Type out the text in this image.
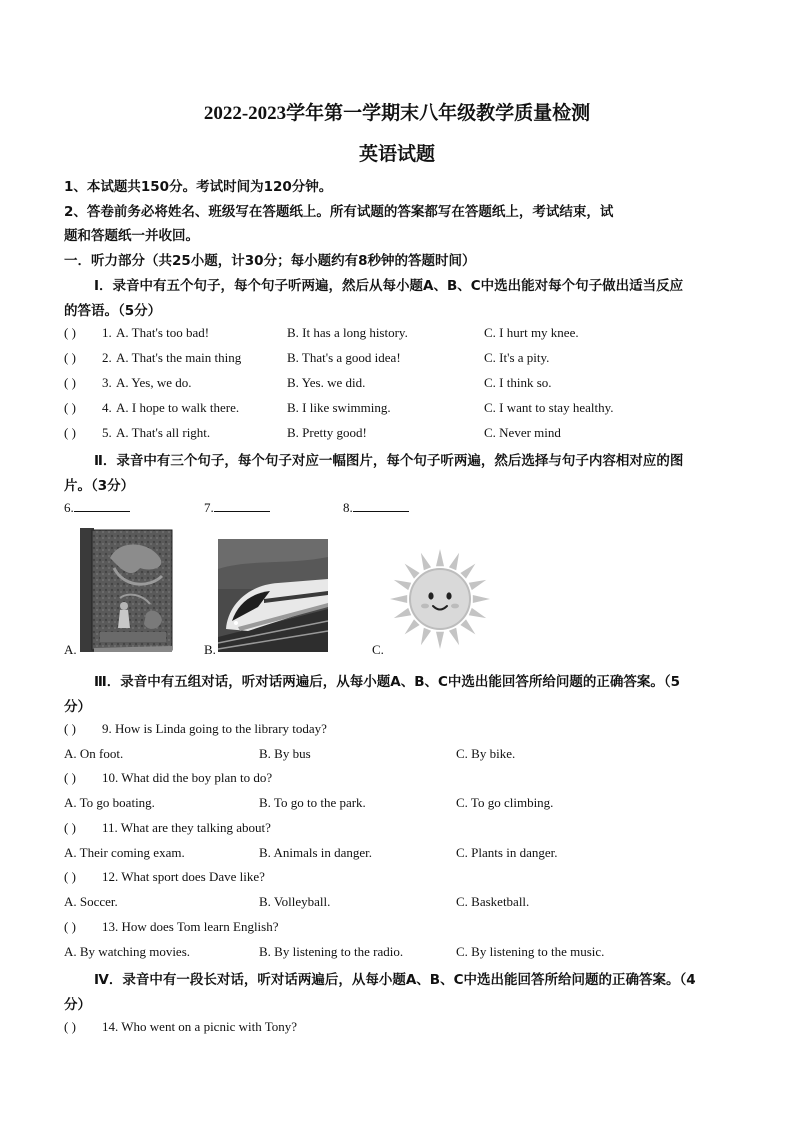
2022-2023学年第一学期末八年级教学质量检测
英语试题
1、本试题共150分。考试时间为120分钟。
2、答卷前务必将姓名、班级写在答题纸上。所有试题的答案都写在答题纸上，考试结束，试
题和答题纸一并收回。
一．听力部分（共25小题，计30分；每小题约有8秒钟的答题时间）
Ⅰ．录音中有五个句子，每个句子听两遍，然后从每小题A、B、C中选出能对每个句子做出适当反应
的答语。（5分）
( ) 1. A. That's too bad!	B. It has a long history.	C. I hurt my knee.
( ) 2. A. That's the main thing	B. That's a good idea!	C. It's a pity.
( ) 3. A. Yes, we do.	B. Yes. we did.	C. I think so.
( ) 4. A. I hope to walk there.	B. I like swimming.	C. I want to stay healthy.
( ) 5. A. That's all right.	B. Pretty good!	C. Never mind
Ⅱ．录音中有三个句子，每个句子对应一幅图片，每个句子听两遍，然后选择与句子内容相对应的图
片。（3分）
6.	7.	8.
A.	B.	C.
Ⅲ．录音中有五组对话，听对话两遍后，从每小题A、B、C中选出能回答所给问题的正确答案。（5
分）
( ) 9. How is Linda going to the library today?
A. On foot.	B. By bus	C. By bike.
( ) 10. What did the boy plan to do?
A. To go boating.	B. To go to the park.	C. To go climbing.
( ) 11. What are they talking about?
A. Their coming exam.	B. Animals in danger.	C. Plants in danger.
( ) 12. What sport does Dave like?
A. Soccer.	B. Volleyball.	C. Basketball.
( ) 13. How does Tom learn English?
A. By watching movies.	B. By listening to the radio.	C. By listening to the music.
Ⅳ．录音中有一段长对话，听对话两遍后，从每小题A、B、C中选出能回答所给问题的正确答案。（4
分）
( ) 14. Who went on a picnic with Tony?
